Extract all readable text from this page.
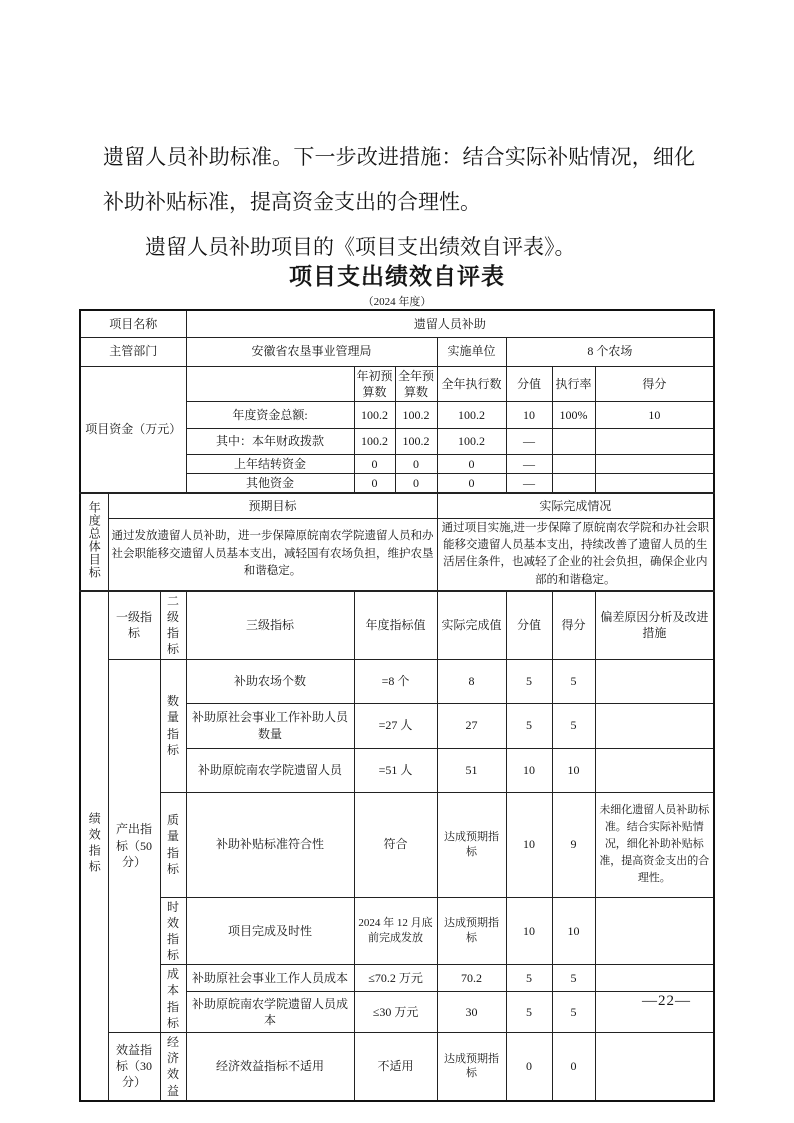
遗留人员补助标准。下一步改进措施：结合实际补贴情况，细化补助补贴标准，提高资金支出的合理性。

遗留人员补助项目的《项目支出绩效自评表》。

项目支出绩效自评表
（2024 年度）
项目名称			遗留人员补助						
主管部门			安徽省农垦事业管理局			实施单位	8 个农场		
项目资金（万元）				年初预算数	全年预算数	全年执行数	分值	执行率	得分
			年度资金总额:	100.2	100.2	100.2	10	100%	10
			其中：本年财政拨款	100.2	100.2	100.2	—		
			上年结转资金	0	0	0	—		
			其他资金	0	0	0	—		
年度总体目标	预期目标					实际完成情况			
	通过发放遗留人员补助，进一步保障原皖南农学院遗留人员和办社会职能移交遗留人员基本支出，减轻国有农场负担，维护农垦和谐稳定。					通过项目实施,进一步保障了原皖南农学院和办社会职能移交遗留人员基本支出，持续改善了遗留人员的生活居住条件，也减轻了企业的社会负担，确保企业内部的和谐稳定。			
绩效指标	一级指标	二级指标	三级指标	年度指标值		实际完成值	分值	得分	偏差原因分析及改进措施
	产出指标（50 分）	数量指标	补助农场个数	=8 个		8	5	5	
			补助原社会事业工作补助人员数量	=27 人		27	5	5	
			补助原皖南农学院遗留人员	=51 人		51	10	10	
		质量指标	补助补贴标准符合性	符合		达成预期指标	10	9	未细化遗留人员补助标准。结合实际补贴情况，细化补助补贴标准，提高资金支出的合理性。
		时效指标	项目完成及时性	2024 年 12 月底前完成发放		达成预期指标	10	10	
		成本指标	补助原社会事业工作人员成本	≤70.2 万元		70.2	5	5	
			补助原皖南农学院遗留人员成本	≤30 万元		30	5	5	
	效益指标（30 分）	经济效益	经济效益指标不适用	不适用		达成预期指标	0	0	
—22—
